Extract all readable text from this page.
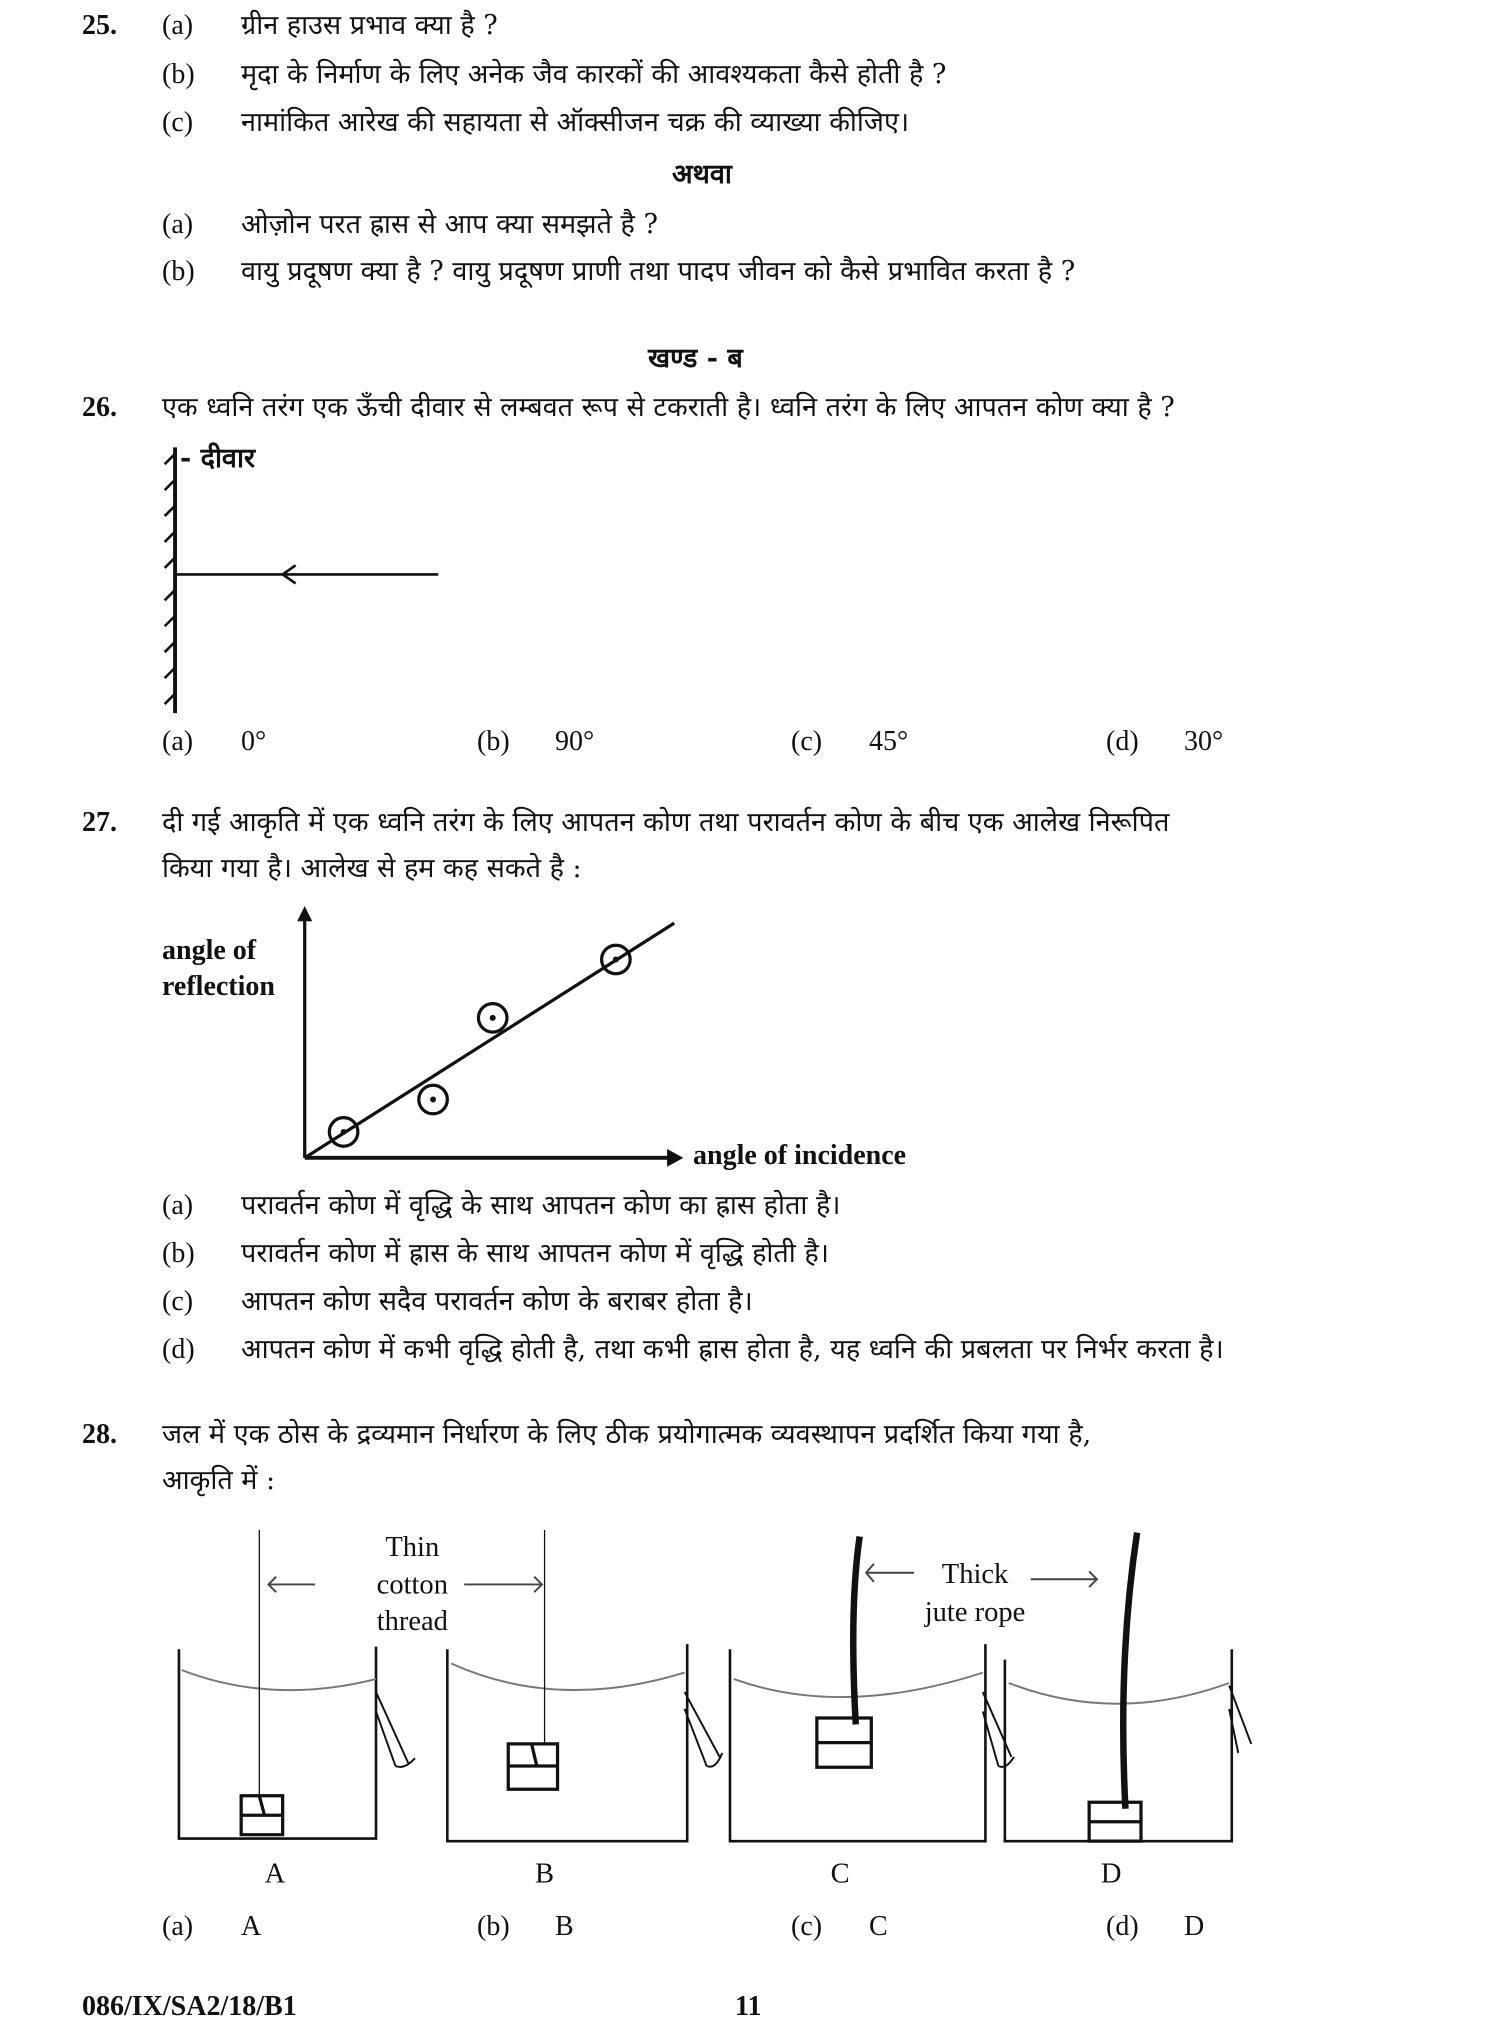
25. (a) ग्रीन हाउस प्रभाव क्या है ?
(b) मृदा के निर्माण के लिए अनेक जैव कारकों की आवश्यकता कैसे होती है ?
(c) नामांकित आरेख की सहायता से ऑक्सीजन चक्र की व्याख्या कीजिए।
अथवा
(a) ओज़ोन परत ह्रास से आप क्या समझते है ?
(b) वायु प्रदूषण क्या है ? वायु प्रदूषण प्राणी तथा पादप जीवन को कैसे प्रभावित करता है ?
खण्ड - ब
26. एक ध्वनि तरंग एक ऊँची दीवार से लम्बवत रूप से टकराती है। ध्वनि तरंग के लिए आपतन कोण क्या है ?
- दीवार
(a) 0°	(b) 90°	(c) 45°	(d) 30°
27. दी गई आकृति में एक ध्वनि तरंग के लिए आपतन कोण तथा परावर्तन कोण के बीच एक आलेख निरूपित
किया गया है। आलेख से हम कह सकते है :
angle of
reflection
angle of incidence
(a) परावर्तन कोण में वृद्धि के साथ आपतन कोण का ह्रास होता है।
(b) परावर्तन कोण में ह्रास के साथ आपतन कोण में वृद्धि होती है।
(c) आपतन कोण सदैव परावर्तन कोण के बराबर होता है।
(d) आपतन कोण में कभी वृद्धि होती है, तथा कभी ह्रास होता है, यह ध्वनि की प्रबलता पर निर्भर करता है।
28. जल में एक ठोस के द्रव्यमान निर्धारण के लिए ठीक प्रयोगात्मक व्यवस्थापन प्रदर्शित किया गया है,
आकृति में :
(a) A	(b) B	(c) C	(d) D
086/IX/SA2/18/B1	11
Thin
cotton
thread
Thick
jute rope
A	B	C	D
